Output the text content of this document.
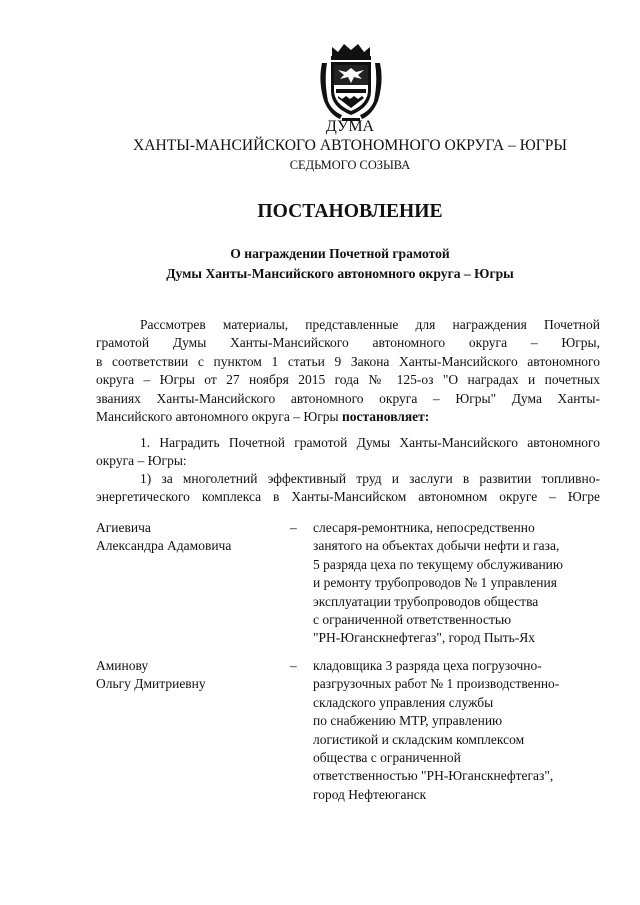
ДУМА
ХАНТЫ-МАНСИЙСКОГО АВТОНОМНОГО ОКРУГА – ЮГРЫ
СЕДЬМОГО СОЗЫВА
ПОСТАНОВЛЕНИЕ
О награждении Почетной грамотой
Думы Ханты-Мансийского автономного округа – Югры
Рассмотрев материалы, представленные для награждения Почетной
грамотой Думы Ханты-Мансийского автономного округа – Югры,
в соответствии с пунктом 1 статьи 9 Закона Ханты-Мансийского автономного
округа – Югры от 27 ноября 2015 года № 125-оз "О наградах и почетных
званиях Ханты-Мансийского автономного округа – Югры" Дума Ханты-
Мансийского автономного округа – Югры постановляет:
1. Наградить Почетной грамотой Думы Ханты-Мансийского автономного
округа – Югры:
1) за многолетний эффективный труд и заслуги в развитии топливно-
энергетического комплекса в Ханты-Мансийском автономном округе – Югре
Агиевича
Александра Адамовича
– слесаря-ремонтника, непосредственно
занятого на объектах добычи нефти и газа,
5 разряда цеха по текущему обслуживанию
и ремонту трубопроводов № 1 управления
эксплуатации трубопроводов общества
с ограниченной ответственностью
"РН-Юганскнефтегаз", город Пыть-Ях
Аминову
Ольгу Дмитриевну
– кладовщика 3 разряда цеха погрузочно-
разгрузочных работ № 1 производственно-
складского управления службы
по снабжению МТР, управлению
логистикой и складским комплексом
общества с ограниченной
ответственностью "РН-Юганскнефтегаз",
город Нефтеюганск
